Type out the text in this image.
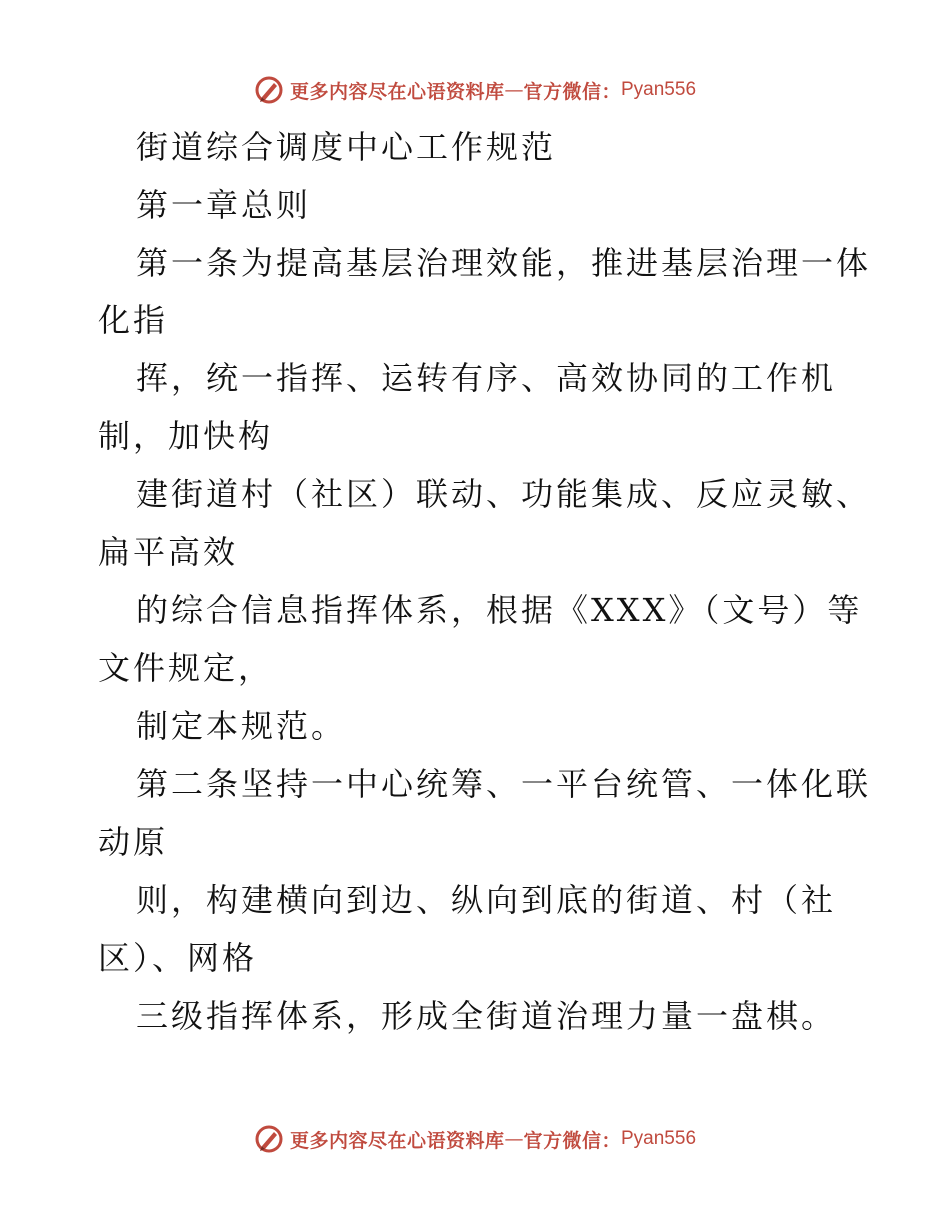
更多内容尽在心语资料库 — 官方微信： Pyan556
街道综合调度中心工作规范
第一章总则
第一条为提高基层治理效能，推进基层治理一体
化指
挥，统一指挥、运转有序、高效协同的工作机
制，加快构
建街道村（社区）联动、功能集成、反应灵敏、
扁平高效
的综合信息指挥体系，根据《XXX》（文号）等
文件规定，
制定本规范。
第二条坚持一中心统筹、一平台统管、一体化联
动原
则，构建横向到边、纵向到底的街道、村（社
区）、网格
三级指挥体系，形成全街道治理力量一盘棋。
更多内容尽在心语资料库 — 官方微信： Pyan556
